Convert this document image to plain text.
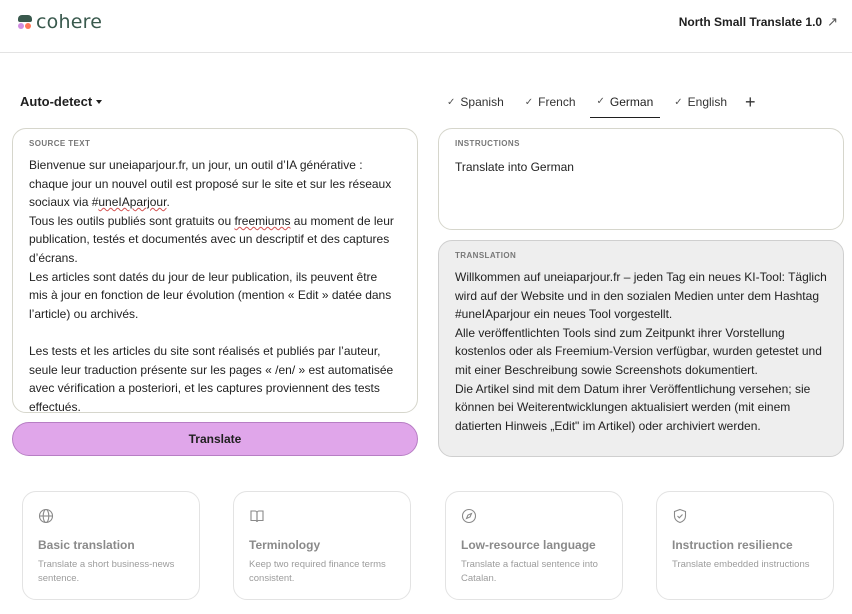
cohere	North Small Translate 1.0 ↗
Auto-detect	✓ Spanish ✓ French ✓ German ✓ English +
SOURCE TEXT
Bienvenue sur uneiaparjour.fr, un jour, un outil d’IA générative :
chaque jour un nouvel outil est proposé sur le site et sur les réseaux
sociaux via #uneIAparjour.
Tous les outils publiés sont gratuits ou freemiums au moment de leur
publication, testés et documentés avec un descriptif et des captures
d’écrans.
Les articles sont datés du jour de leur publication, ils peuvent être
mis à jour en fonction de leur évolution (mention « Edit » datée dans
l’article) ou archivés.
Les tests et les articles du site sont réalisés et publiés par l’auteur,
seule leur traduction présente sur les pages « /en/ » est automatisée
avec vérification a posteriori, et les captures proviennent des tests
effectués.
INSTRUCTIONS
Translate into German
TRANSLATION
Willkommen auf uneiaparjour.fr – jeden Tag ein neues KI-Tool: Täglich
wird auf der Website und in den sozialen Medien unter dem Hashtag
#uneIAparjour ein neues Tool vorgestellt.
Alle veröffentlichten Tools sind zum Zeitpunkt ihrer Vorstellung
kostenlos oder als Freemium-Version verfügbar, wurden getestet und
mit einer Beschreibung sowie Screenshots dokumentiert.
Die Artikel sind mit dem Datum ihrer Veröffentlichung versehen; sie
können bei Weiterentwicklungen aktualisiert werden (mit einem
datierten Hinweis „Edit" im Artikel) oder archiviert werden.
Translate
Basic translation
Translate a short business-news sentence.
Terminology
Keep two required finance terms consistent.
Low-resource language
Translate a factual sentence into Catalan.
Instruction resilience
Translate embedded instructions
